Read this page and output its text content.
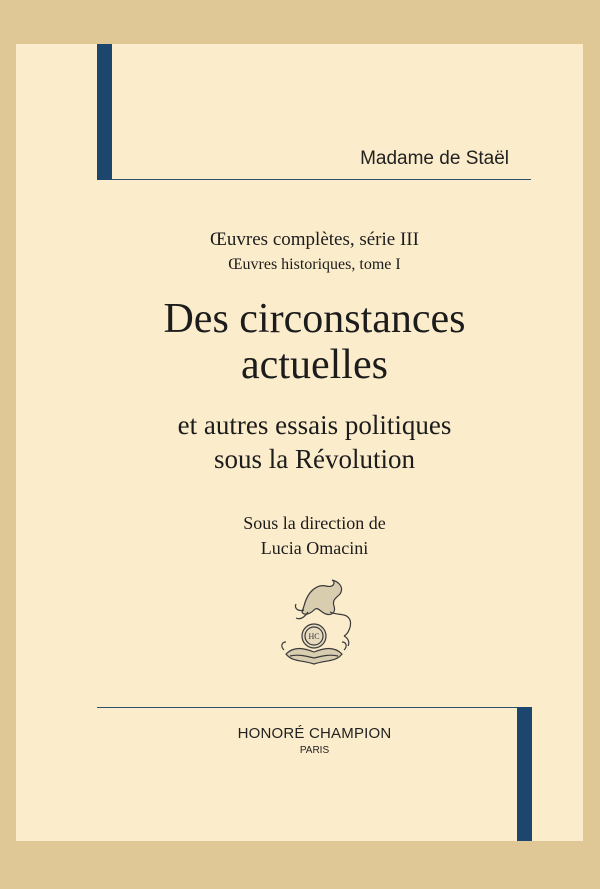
Madame de Staël
Œuvres complètes, série III
Œuvres historiques, tome I
Des circonstances
actuelles
et autres essais politiques
sous la Révolution
Sous la direction de
Lucia Omacini
HC
HONORÉ CHAMPION
PARIS
